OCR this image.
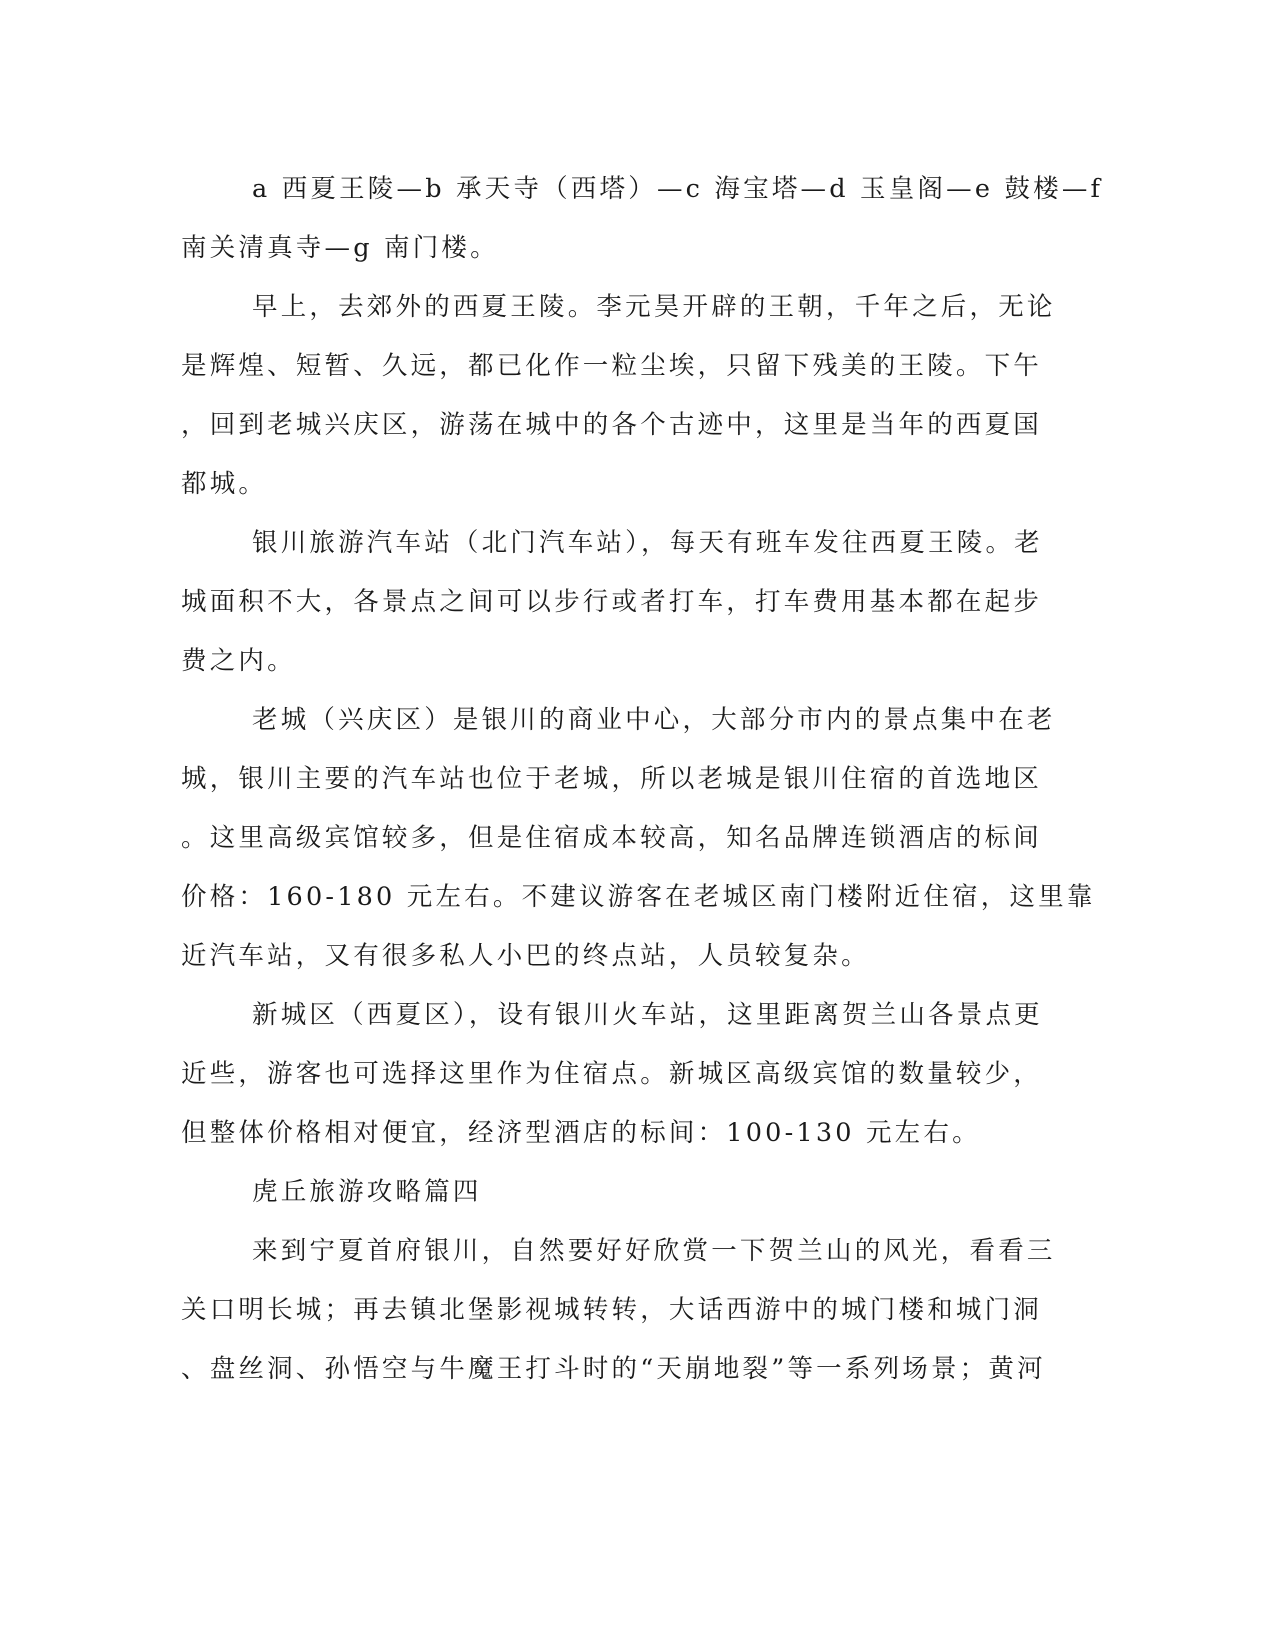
a 西夏王陵—b 承天寺（西塔）—c 海宝塔—d 玉皇阁—e 鼓楼—f
南关清真寺—g 南门楼。
早上，去郊外的西夏王陵。李元昊开辟的王朝，千年之后，无论
是辉煌、短暂、久远，都已化作一粒尘埃，只留下残美的王陵。下午
，回到老城兴庆区，游荡在城中的各个古迹中，这里是当年的西夏国
都城。
银川旅游汽车站（北门汽车站），每天有班车发往西夏王陵。老
城面积不大，各景点之间可以步行或者打车，打车费用基本都在起步
费之内。
老城（兴庆区）是银川的商业中心，大部分市内的景点集中在老
城，银川主要的汽车站也位于老城，所以老城是银川住宿的首选地区
。这里高级宾馆较多，但是住宿成本较高，知名品牌连锁酒店的标间
价格：160-180 元左右。不建议游客在老城区南门楼附近住宿，这里靠
近汽车站，又有很多私人小巴的终点站，人员较复杂。
新城区（西夏区），设有银川火车站，这里距离贺兰山各景点更
近些，游客也可选择这里作为住宿点。新城区高级宾馆的数量较少，
但整体价格相对便宜，经济型酒店的标间：100-130 元左右。
虎丘旅游攻略篇四
来到宁夏首府银川，自然要好好欣赏一下贺兰山的风光，看看三
关口明长城；再去镇北堡影视城转转，大话西游中的城门楼和城门洞
、盘丝洞、孙悟空与牛魔王打斗时的“天崩地裂”等一系列场景；黄河
